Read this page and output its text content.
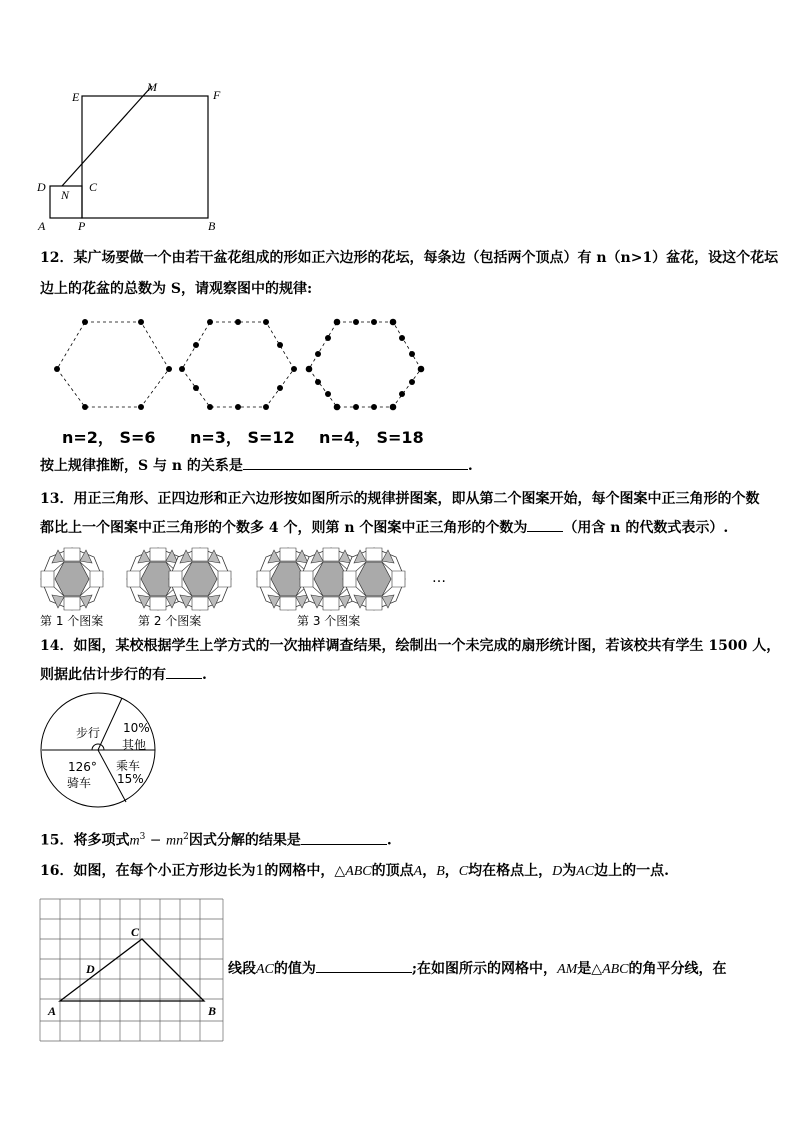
E
M
F
D	C
N
A	P	B
12．某广场要做一个由若干盆花组成的形如正六边形的花坛，每条边（包括两个顶点）有 n（n>1）盆花，设这个花坛
边上的花盆的总数为 S，请观察图中的规律:
n=2， S=6 n=3， S=12 n=4， S=18
按上规律推断，S 与 n 的关系是	.
13．用正三角形、正四边形和正六边形按如图所示的规律拼图案，即从第二个图案开始，每个图案中正三角形的个数
都比上一个图案中正三角形的个数多 4 个，则第 n 个图案中正三角形的个数为	（用含 n 的代数式表示）.
第 1 个图案	第 2 个图案	第 3 个图案
…
14．如图，某校根据学生上学方式的一次抽样调查结果，绘制出一个未完成的扇形统计图，若该校共有学生 1500 人，
则据此估计步行的有	.
步行 10%
其他
乘车
15%
126°
骑车
15．将多项式$m^3 - mn^2$因式分解的结果是	.
16．如图，在每个小正方形边长为1的网格中，△ABC的顶点A，B，C均在格点上，D为AC边上的一点.
C
D
A	B
线段AC的值为	;在如图所示的网格中，AM是△ABC的角平分线，在
